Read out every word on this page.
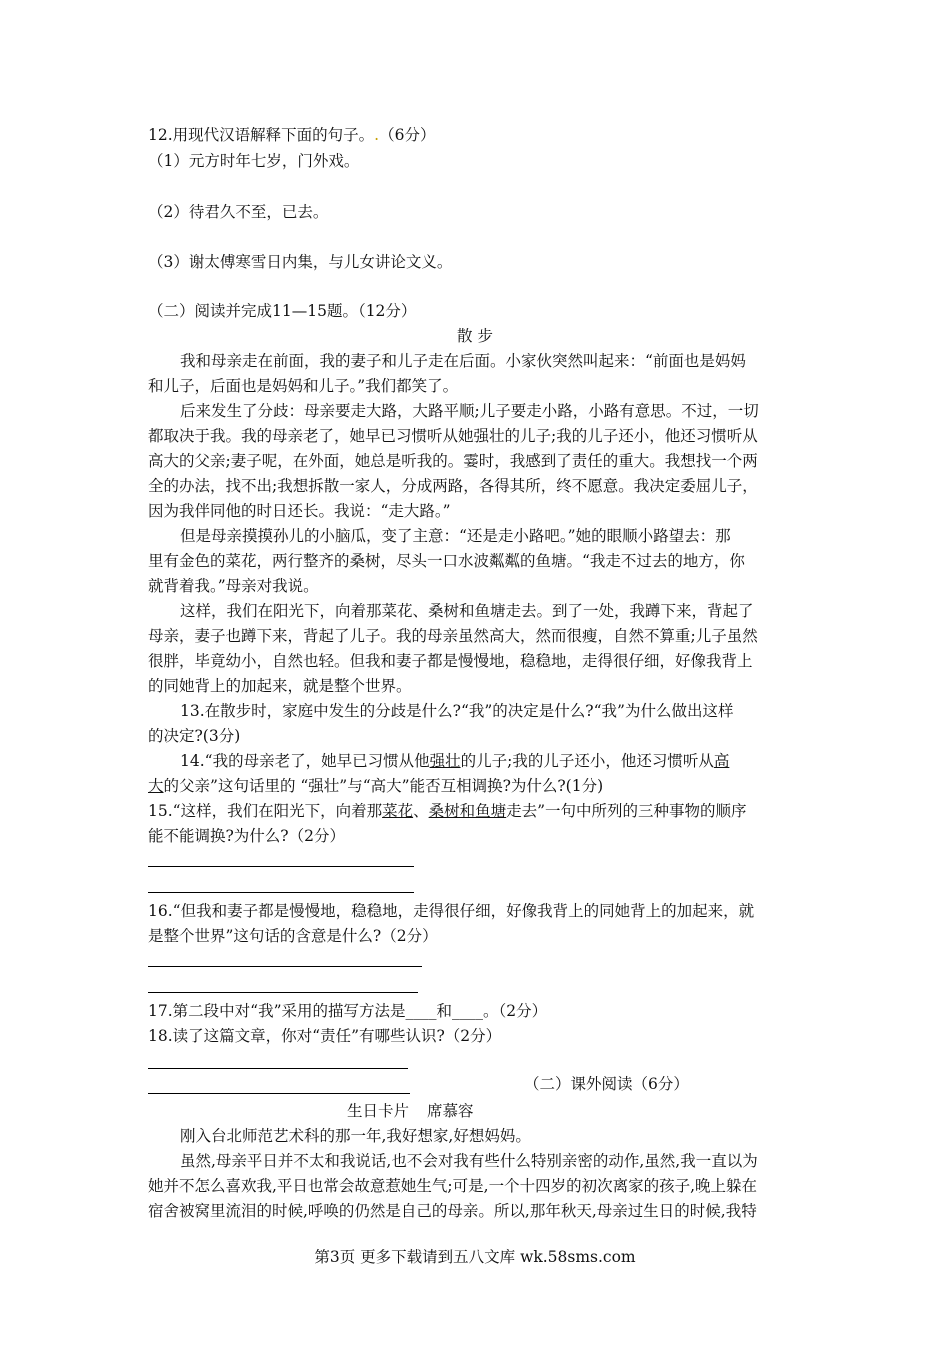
12.用现代汉语解释下面的句子。.（6分）
（1）元方时年七岁，门外戏。
（2）待君久不至，已去。
（3）谢太傅寒雪日内集，与儿女讲论文义。
（二）阅读并完成11—15题。（12分）
散 步
我和母亲走在前面，我的妻子和儿子走在后面。小家伙突然叫起来：“前面也是妈妈
和儿子，后面也是妈妈和儿子。”我们都笑了。
后来发生了分歧：母亲要走大路，大路平顺;儿子要走小路，小路有意思。不过，一切
都取决于我。我的母亲老了，她早已习惯听从她强壮的儿子;我的儿子还小，他还习惯听从
高大的父亲;妻子呢，在外面，她总是听我的。霎时，我感到了责任的重大。我想找一个两
全的办法，找不出;我想拆散一家人，分成两路，各得其所，终不愿意。我决定委屈儿子，
因为我伴同他的时日还长。我说：“走大路。”
但是母亲摸摸孙儿的小脑瓜，变了主意：“还是走小路吧。”她的眼顺小路望去：那
里有金色的菜花，两行整齐的桑树，尽头一口水波粼粼的鱼塘。“我走不过去的地方，你
就背着我。”母亲对我说。
这样，我们在阳光下，向着那菜花、桑树和鱼塘走去。到了一处，我蹲下来，背起了
母亲，妻子也蹲下来，背起了儿子。我的母亲虽然高大，然而很瘦，自然不算重;儿子虽然
很胖，毕竟幼小，自然也轻。但我和妻子都是慢慢地，稳稳地，走得很仔细，好像我背上
的同她背上的加起来，就是整个世界。
13.在散步时，家庭中发生的分歧是什么?“我”的决定是什么?“我”为什么做出这样
的决定?(3分)
14.“我的母亲老了，她早已习惯从他强壮的儿子;我的儿子还小，他还习惯听从高
大的父亲”这句话里的 “强壮”与“高大”能否互相调换?为什么?(1分)
15.“这样，我们在阳光下，向着那菜花、桑树和鱼塘走去”一句中所列的三种事物的顺序
能不能调换?为什么?（2分）
16.“但我和妻子都是慢慢地，稳稳地，走得很仔细，好像我背上的同她背上的加起来，就
是整个世界”这句话的含意是什么?（2分）
17.第二段中对“我”采用的描写方法是____和____。（2分）
18.读了这篇文章，你对“责任”有哪些认识?（2分）
（二）课外阅读（6分）
生日卡片 席慕容
刚入台北师范艺术科的那一年,我好想家,好想妈妈。
虽然,母亲平日并不太和我说话,也不会对我有些什么特别亲密的动作,虽然,我一直以为
她并不怎么喜欢我,平日也常会故意惹她生气;可是,一个十四岁的初次离家的孩子,晚上躲在
宿舍被窝里流泪的时候,呼唤的仍然是自己的母亲。所以,那年秋天,母亲过生日的时候,我特
第3页 更多下载请到五八文库 wk.58sms.com
